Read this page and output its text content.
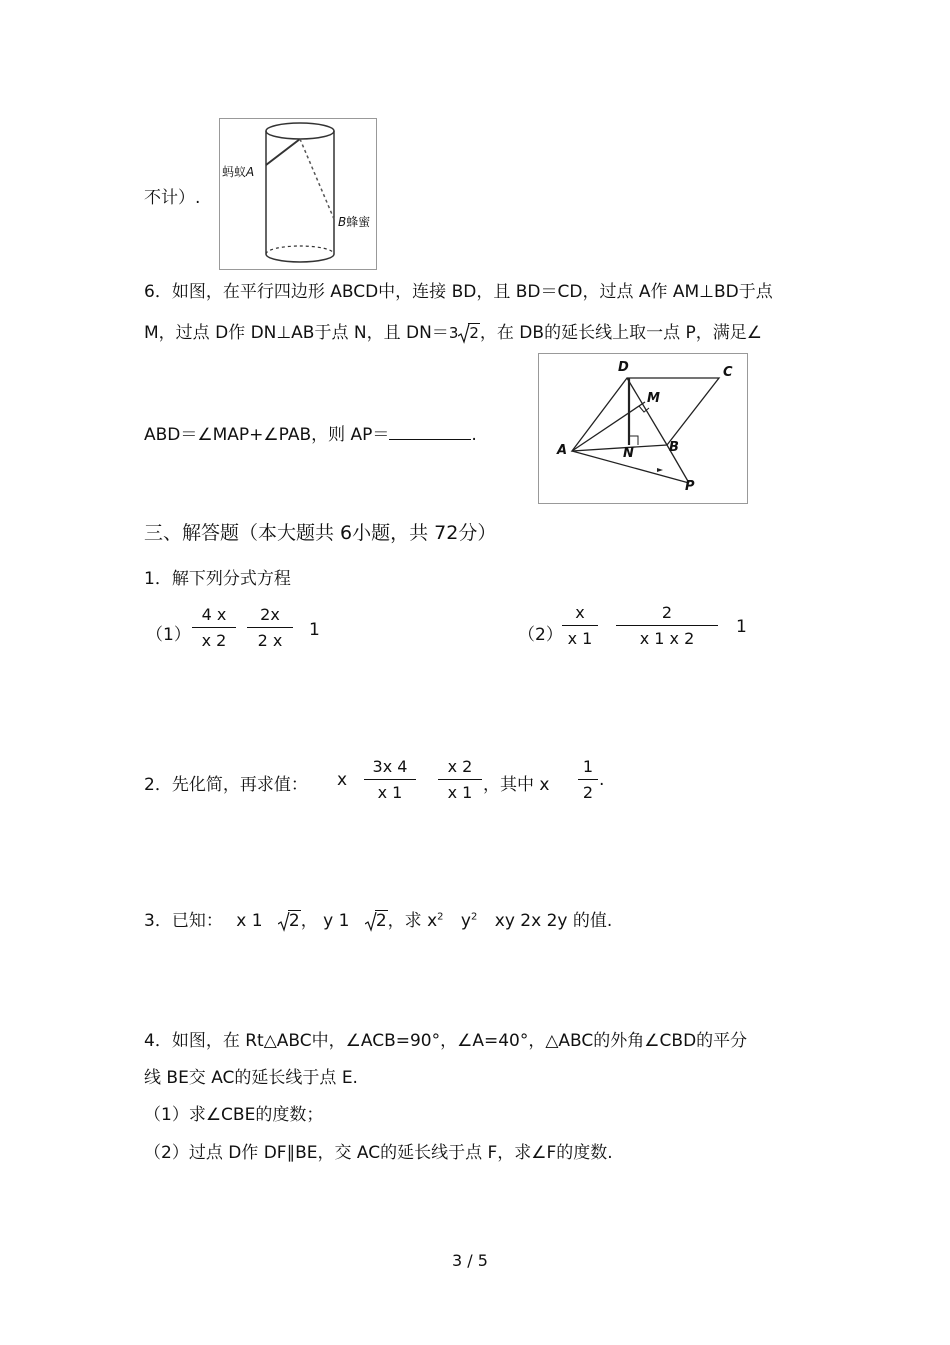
蚂蚁A
B蜂蜜
不计）.
6．如图，在平行四边形 ABCD中，连接 BD，且 BD＝CD，过点 A作 AM⊥BD于点
M，过点 D作 DN⊥AB于点 N，且 DN＝3 2，在 DB的延长线上取一点 P，满足∠
ABD＝∠MAP+∠PAB，则 AP＝	.
D	C
M
A	N	B
P
三、解答题（本大题共 6小题，共 72分）
1．解下列分式方程
（1）
4 x
x 2
2x
2 x
1	（2）
x
x 1
2
x 1 x 2
1
2．先化简，再求值： x
3x 4
x 1
x 2
x 1 ，其中 x
1
2
.
3．已知： x 1 2， y 1 2，求 $x^2$ $y^2$ xy 2x 2y 的值.
4．如图，在 Rt△ABC中，∠ACB=90°，∠A=40°，△ABC的外角∠CBD的平分
线 BE交 AC的延长线于点 E.
（1）求∠CBE的度数；
（2）过点 D作 DF∥BE，交 AC的延长线于点 F，求∠F的度数.
3 / 5
